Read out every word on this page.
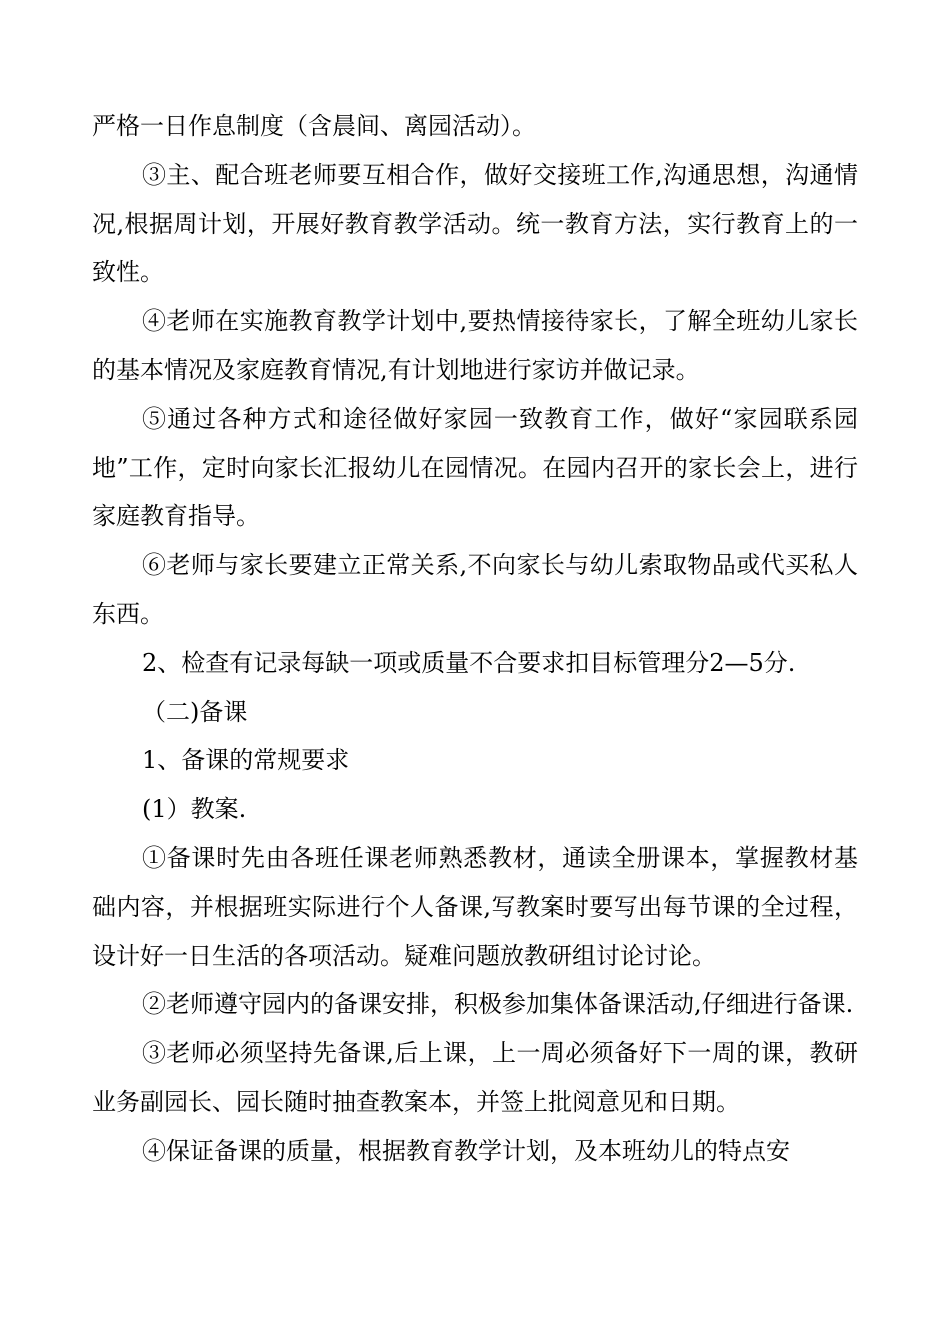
严格一日作息制度（含晨间、离园活动）。

③主、配合班老师要互相合作，做好交接班工作,沟通思想，沟通情况,根据周计划，开展好教育教学活动。统一教育方法，实行教育上的一致性。

④老师在实施教育教学计划中,要热情接待家长，了解全班幼儿家长的基本情况及家庭教育情况,有计划地进行家访并做记录。

⑤通过各种方式和途径做好家园一致教育工作，做好“家园联系园地”工作，定时向家长汇报幼儿在园情况。在园内召开的家长会上，进行家庭教育指导。

⑥老师与家长要建立正常关系,不向家长与幼儿索取物品或代买私人东西。

2、检查有记录每缺一项或质量不合要求扣目标管理分2—5分.

（二)备课

1、备课的常规要求

(1）教案.

①备课时先由各班任课老师熟悉教材，通读全册课本，掌握教材基础内容，并根据班实际进行个人备课,写教案时要写出每节课的全过程，设计好一日生活的各项活动。疑难问题放教研组讨论讨论。

②老师遵守园内的备课安排，积极参加集体备课活动,仔细进行备课.

③老师必须坚持先备课,后上课，上一周必须备好下一周的课，教研业务副园长、园长随时抽查教案本，并签上批阅意见和日期。

④保证备课的质量，根据教育教学计划，及本班幼儿的特点安
